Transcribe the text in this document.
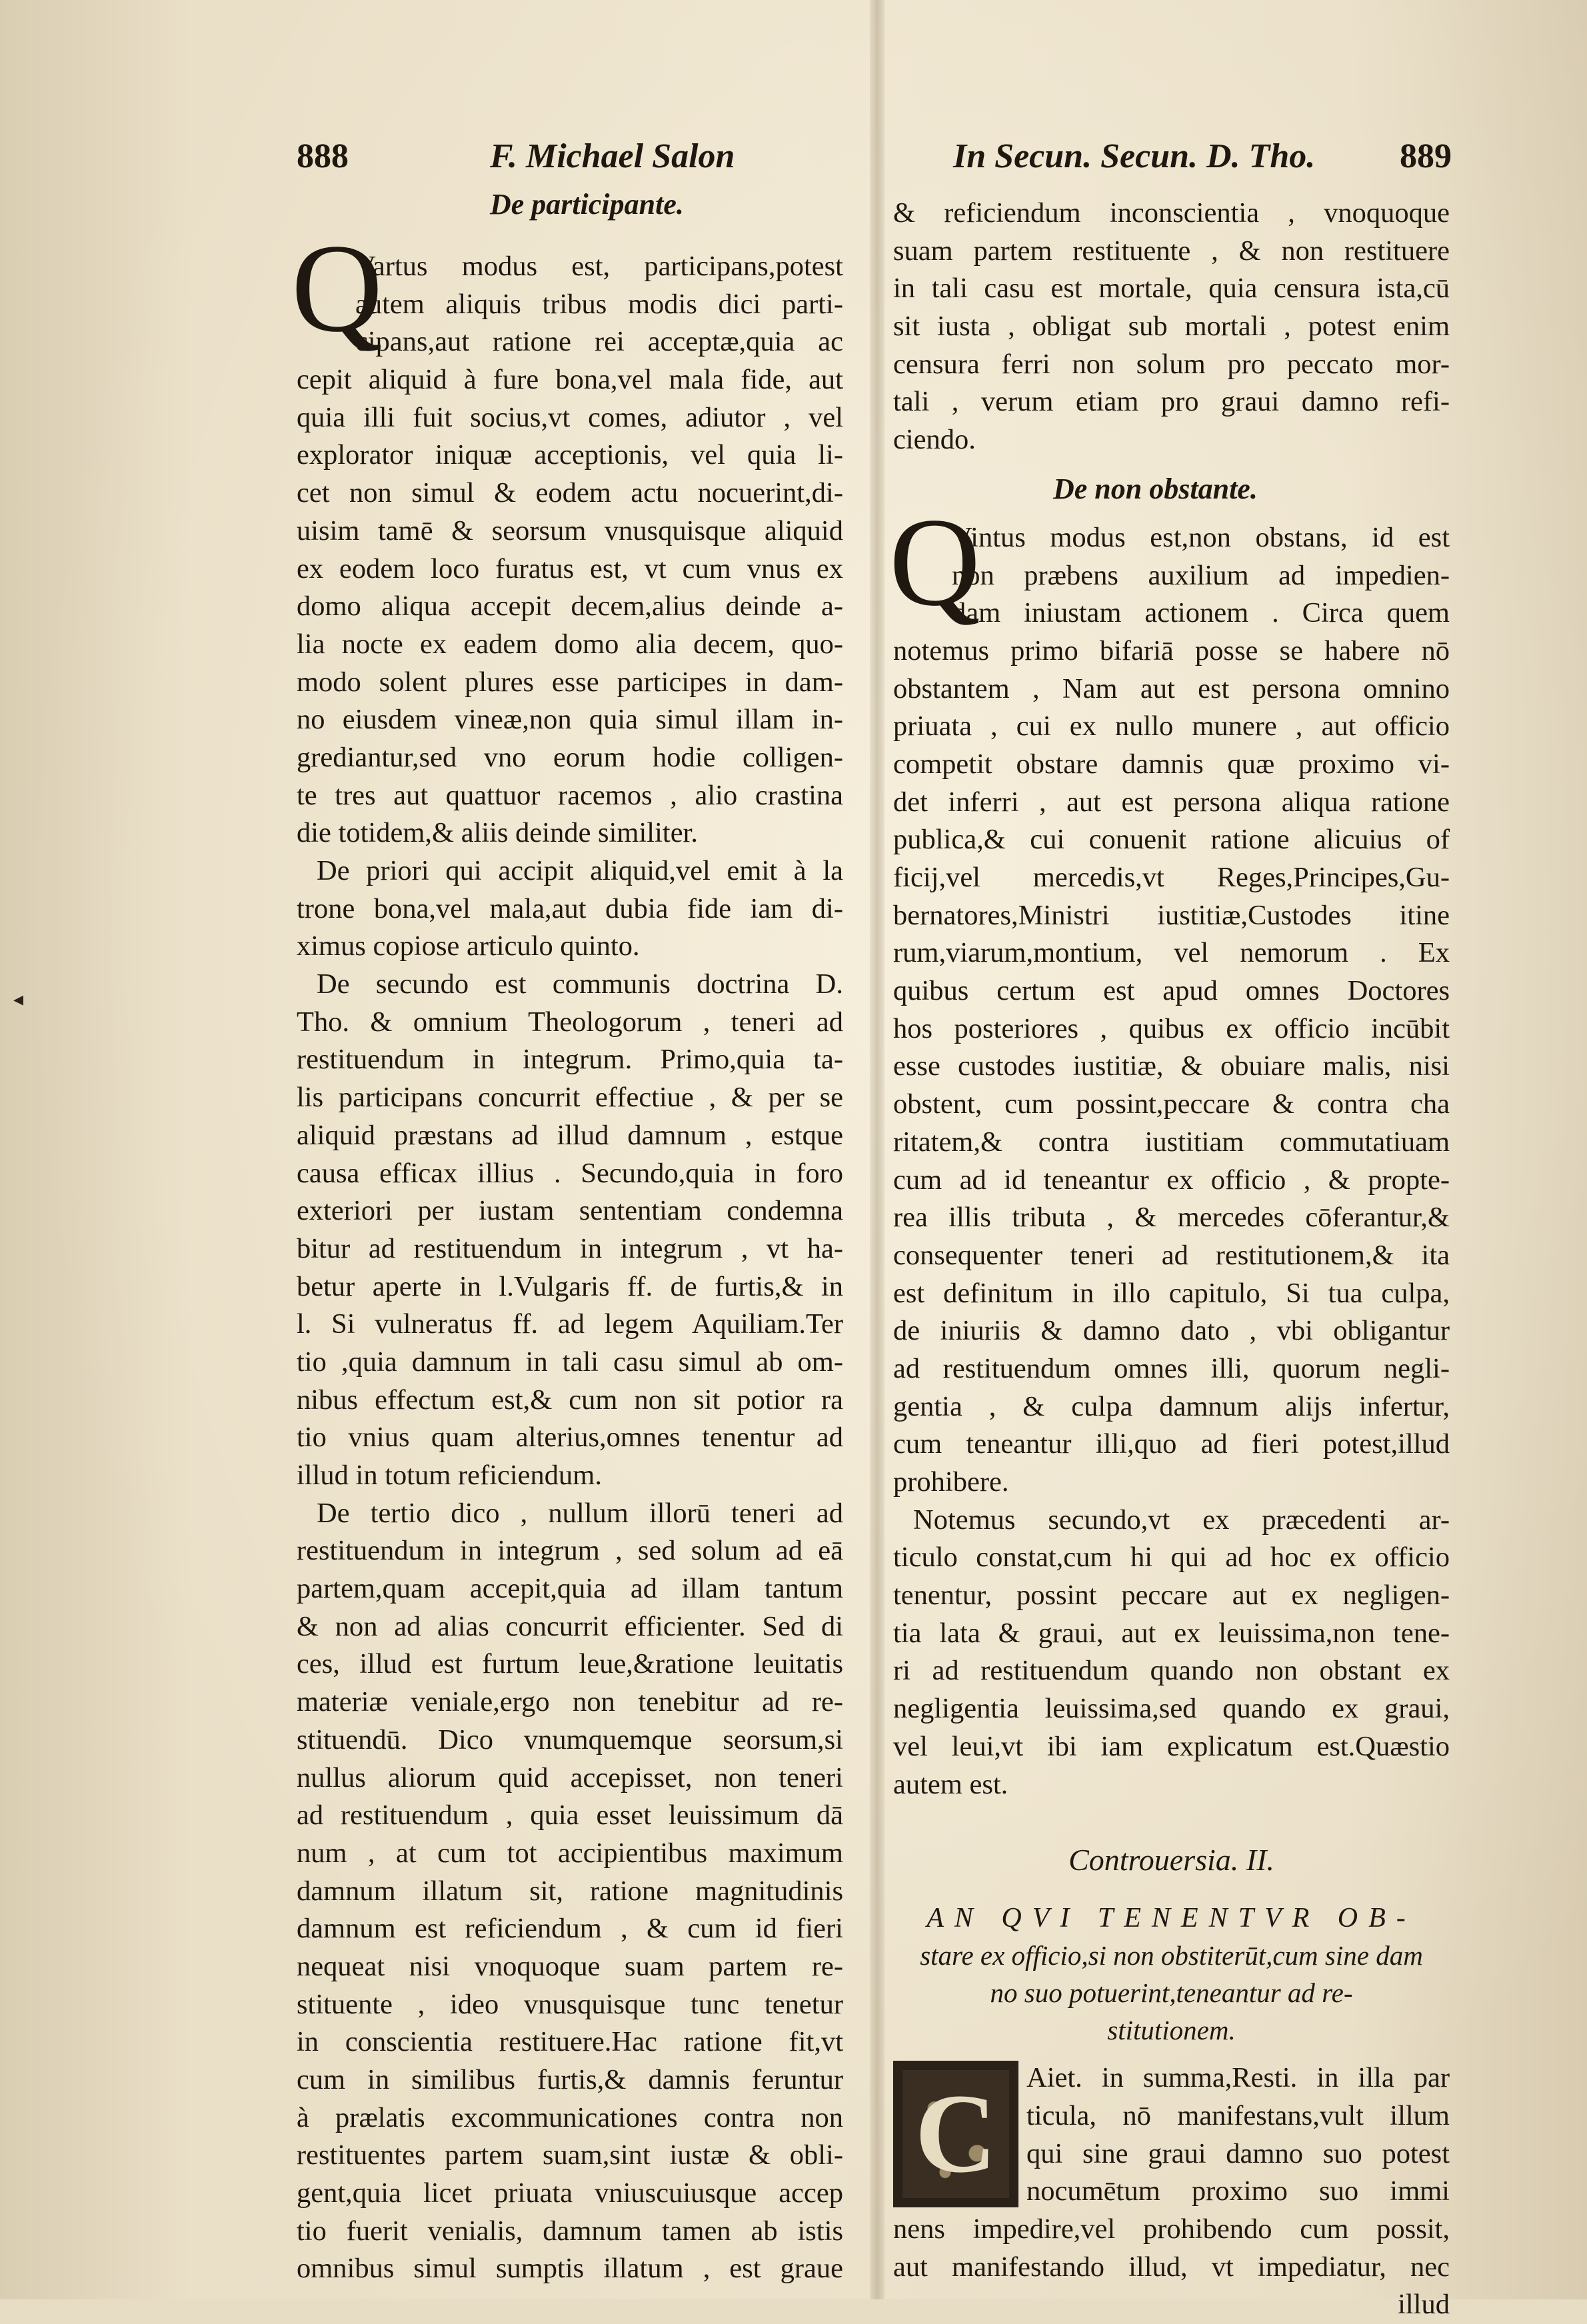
◂
888	F. Michael Salon	In Secun. Secun. D. Tho. 889
De participante.
Q
Vartus modus est, participans,potest
autem aliquis tribus modis dici parti-
cipans,aut ratione rei acceptæ,quia ac
cepit aliquid à fure bona,vel mala fide, aut
quia illi fuit socius,vt comes, adiutor , vel
explorator iniquæ acceptionis, vel quia li-
cet non simul & eodem actu nocuerint,di-
uisim tamē & seorsum vnusquisque aliquid
ex eodem loco furatus est, vt cum vnus ex
domo aliqua accepit decem,alius deinde a-
lia nocte ex eadem domo alia decem, quo-
modo solent plures esse participes in dam-
no eiusdem vineæ,non quia simul illam in-
grediantur,sed vno eorum hodie colligen-
te tres aut quattuor racemos , alio crastina
die totidem,& aliis deinde similiter.
De priori qui accipit aliquid,vel emit à la
trone bona,vel mala,aut dubia fide iam di-
ximus copiose articulo quinto.
De secundo est communis doctrina D.
Tho. & omnium Theologorum , teneri ad
restituendum in integrum. Primo,quia ta-
lis participans concurrit effectiue , & per se
aliquid præstans ad illud damnum , estque
causa efficax illius . Secundo,quia in foro
exteriori per iustam sententiam condemna
bitur ad restituendum in integrum , vt ha-
betur aperte in l.Vulgaris ff. de furtis,& in
l. Si vulneratus ff. ad legem Aquiliam.Ter
tio ,quia damnum in tali casu simul ab om-
nibus effectum est,& cum non sit potior ra
tio vnius quam alterius,omnes tenentur ad
illud in totum reficiendum.
De tertio dico , nullum illorū teneri ad
restituendum in integrum , sed solum ad eā
partem,quam accepit,quia ad illam tantum
& non ad alias concurrit efficienter. Sed di
ces, illud est furtum leue,&ratione leuitatis
materiæ veniale,ergo non tenebitur ad re-
stituendū. Dico vnumquemque seorsum,si
nullus aliorum quid accepisset, non teneri
ad restituendum , quia esset leuissimum dā
num , at cum tot accipientibus maximum
damnum illatum sit, ratione magnitudinis
damnum est reficiendum , & cum id fieri
nequeat nisi vnoquoque suam partem re-
stituente , ideo vnusquisque tunc tenetur
in conscientia restituere.Hac ratione fit,vt
cum in similibus furtis,& damnis feruntur
à prælatis excommunicationes contra non
restituentes partem suam,sint iustæ & obli-
gent,quia licet priuata vniuscuiusque accep
tio fuerit venialis, damnum tamen ab istis
omnibus simul sumptis illatum , est graue
& reficiendum inconscientia , vnoquoque
suam partem restituente , & non restituere
in tali casu est mortale, quia censura ista,cū
sit iusta , obligat sub mortali , potest enim
censura ferri non solum pro peccato mor-
tali , verum etiam pro graui damno refi-
ciendo.
De non obstante.
Q
Vintus modus est,non obstans, id est
non præbens auxilium ad impedien-
dam iniustam actionem . Circa quem
notemus primo bifariā posse se habere nō
obstantem , Nam aut est persona omnino
priuata , cui ex nullo munere , aut officio
competit obstare damnis quæ proximo vi-
det inferri , aut est persona aliqua ratione
publica,& cui conuenit ratione alicuius of
ficij,vel mercedis,vt Reges,Principes,Gu-
bernatores,Ministri iustitiæ,Custodes itine
rum,viarum,montium, vel nemorum . Ex
quibus certum est apud omnes Doctores
hos posteriores , quibus ex officio incūbit
esse custodes iustitiæ, & obuiare malis, nisi
obstent, cum possint,peccare & contra cha
ritatem,& contra iustitiam commutatiuam
cum ad id teneantur ex officio , & propte-
rea illis tributa , & mercedes cōferantur,&
consequenter teneri ad restitutionem,& ita
est definitum in illo capitulo, Si tua culpa,
de iniuriis & damno dato , vbi obligantur
ad restituendum omnes illi, quorum negli-
gentia , & culpa damnum alijs infertur,
cum teneantur illi,quo ad fieri potest,illud
prohibere.
Notemus secundo,vt ex præcedenti ar-
ticulo constat,cum hi qui ad hoc ex officio
tenentur, possint peccare aut ex negligen-
tia lata & graui, aut ex leuissima,non tene-
ri ad restituendum quando non obstant ex
negligentia leuissima,sed quando ex graui,
vel leui,vt ibi iam explicatum est.Quæstio
autem est.
Controuersia. II.
AN QVI TENENTVR OB-
stare ex officio,si non obstiterūt,cum sine dam
no suo potuerint,teneantur ad re-
stitutionem.
C	Aiet. in summa,Resti. in illa par
ticula, nō manifestans,vult illum
qui sine graui damno suo potest
nocumētum proximo suo immi
nens impedire,vel prohibendo cum possit,
aut manifestando illud, vt impediatur, nec
illud
